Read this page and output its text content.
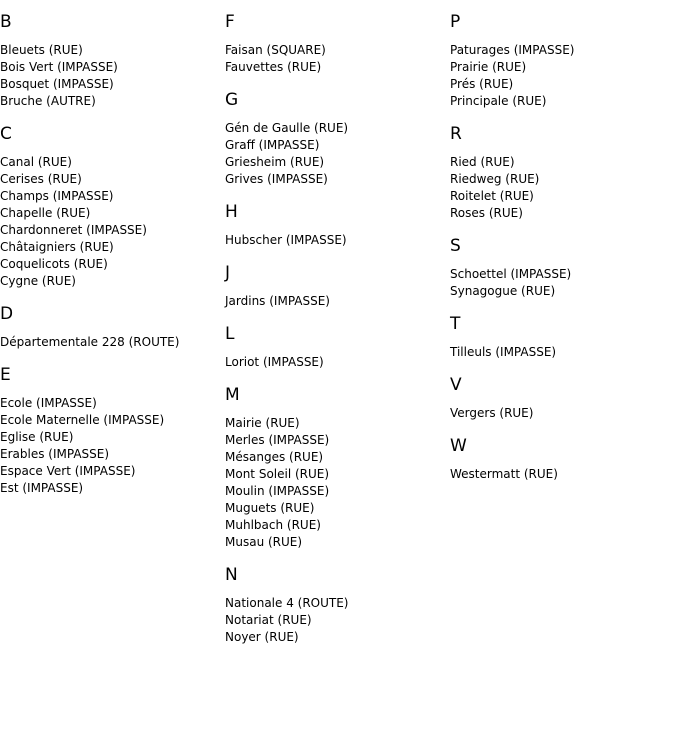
B
Bleuets (RUE)
Bois Vert (IMPASSE)
Bosquet (IMPASSE)
Bruche (AUTRE)
C
Canal (RUE)
Cerises (RUE)
Champs (IMPASSE)
Chapelle (RUE)
Chardonneret (IMPASSE)
Châtaigniers (RUE)
Coquelicots (RUE)
Cygne (RUE)
D
Départementale 228 (ROUTE)
E
Ecole (IMPASSE)
Ecole Maternelle (IMPASSE)
Eglise (RUE)
Erables (IMPASSE)
Espace Vert (IMPASSE)
Est (IMPASSE)
F
Faisan (SQUARE)
Fauvettes (RUE)
G
Gén de Gaulle (RUE)
Graff (IMPASSE)
Griesheim (RUE)
Grives (IMPASSE)
H
Hubscher (IMPASSE)
J
Jardins (IMPASSE)
L
Loriot (IMPASSE)
M
Mairie (RUE)
Merles (IMPASSE)
Mésanges (RUE)
Mont Soleil (RUE)
Moulin (IMPASSE)
Muguets (RUE)
Muhlbach (RUE)
Musau (RUE)
N
Nationale 4 (ROUTE)
Notariat (RUE)
Noyer (RUE)
P
Paturages (IMPASSE)
Prairie (RUE)
Prés (RUE)
Principale (RUE)
R
Ried (RUE)
Riedweg (RUE)
Roitelet (RUE)
Roses (RUE)
S
Schoettel (IMPASSE)
Synagogue (RUE)
T
Tilleuls (IMPASSE)
V
Vergers (RUE)
W
Westermatt (RUE)
